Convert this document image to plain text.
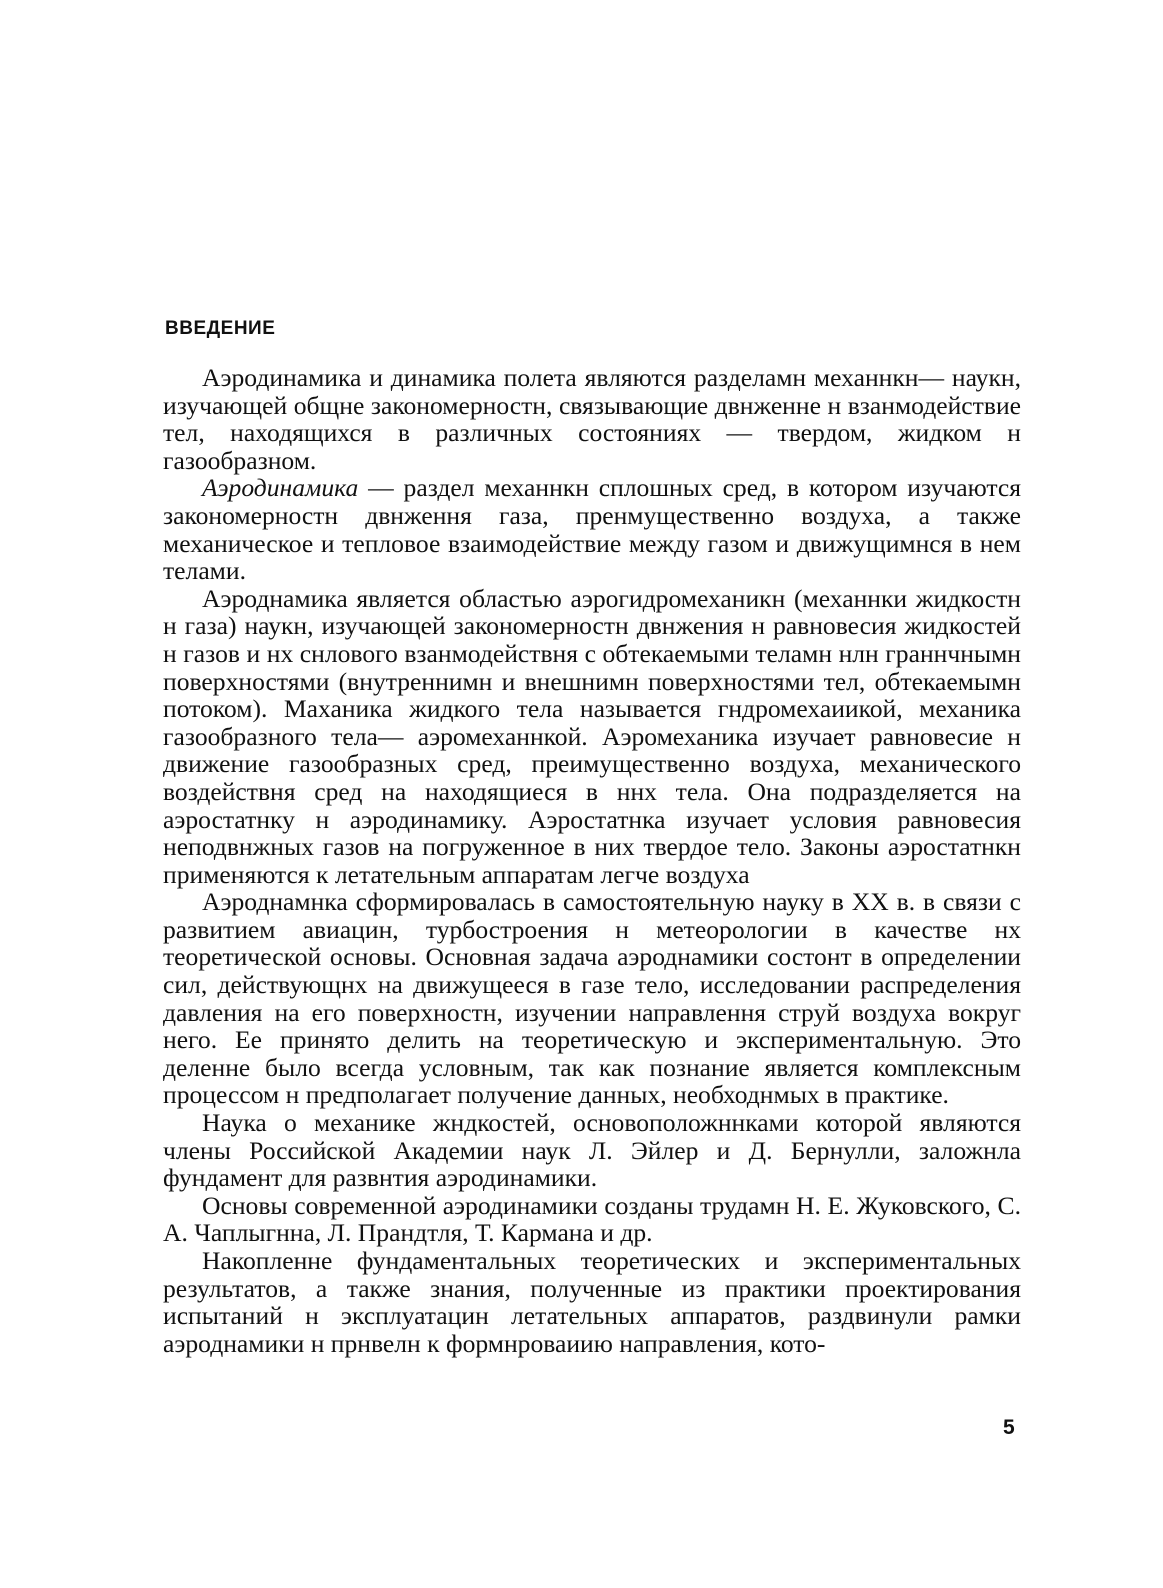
ВВЕДЕНИЕ

Аэродинамика и динамика полета являются разделамн механнкн— наукн, изучающей общне закономерностн, связывающие двнженне н взанмодействие тел, находящихся в различных состояниях — твердом, жидком н газообразном.

Аэродинамика — раздел механнкн сплошных сред, в котором изучаются закономерностн двнження газа, пренмущественно воздуха, а также механическое и тепловое взаимодействие между газом и движущимнся в нем телами.

Аэроднамика является областью аэрогидромеханикн (механнки жидкостн н газа) наукн, изучающей закономерностн двнжения н равновесия жидкостей н газов и нх снлового взанмодействня с обтекаемыми теламн нлн граннчнымн поверхностями (внутреннимн и внешнимн поверхностями тел, обтекаемымн потоком). Маханика жидкого тела называется гндромехаиикой, механика газообразного тела— аэромеханнкой. Аэромеханика изучает равновесие н движение газообразных сред, преимущественно воздуха, механического воздействня сред на находящиеся в ннх тела. Она подразделяется на аэростатнку н аэродинамику. Аэростатнка изучает условия равновесия неподвнжных газов на погруженное в них твердое тело. Законы аэростатнкн применяются к летательным аппаратам легче воздуха

Аэроднамнка сформировалась в самостоятельную науку в XX в. в связи с развитием авиацин, турбостроения н метеорологии в качестве нх теоретической основы. Основная задача аэроднамики состонт в определении сил, действующнх на движущееся в газе тело, исследовании распределения давления на его поверхностн, изучении направлення струй воздуха вокруг него. Ее принято делить на теоретическую и экспериментальную. Это деленне было всегда условным, так как познание является комплексным процессом н предполагает получение данных, необходнмых в практике.

Наука о механике жндкостей, основоположннками которой являются члены Российской Академии наук Л. Эйлер и Д. Бернулли, заложнла фундамент для развнтия аэродинамики.

Основы современной аэродинамики созданы трудамн Н. Е. Жуковского, С. А. Чаплыгнна, Л. Прандтля, Т. Кармана и др.

Накопленне фундаментальных теоретических и экспериментальных результатов, а также знания, полученные из практики проектирования испытаний н эксплуатацин летательных аппаратов, раздвинули рамки аэроднамики н прнвелн к формнроваиию направления, кото-

5
